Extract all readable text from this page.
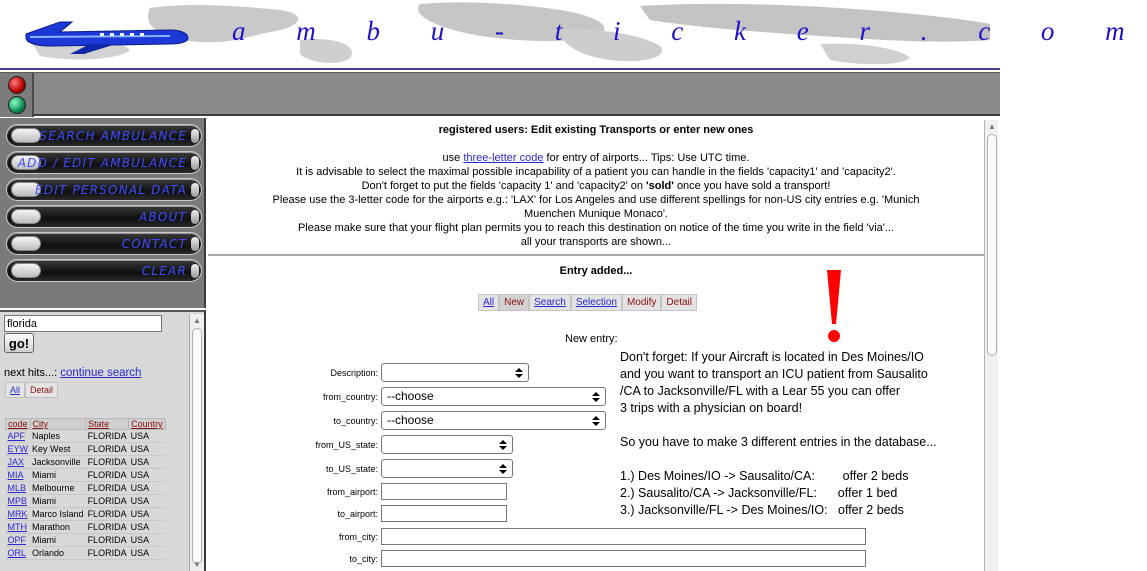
a m b u - t i c k e r . c o m
SEARCH AMBULANCE
ADD / EDIT AMBULANCE
EDIT PERSONAL DATA
ABOUT
CONTACT
CLEAR
florida
go!
next hits...: continue search
All	Detail
code	City	State	Country
APF	Naples	FLORIDA	USA
EYW	Key West	FLORIDA	USA
JAX	Jacksonville	FLORIDA	USA
MIA	Miami	FLORIDA	USA
MLB	Melbourne	FLORIDA	USA
MPB	Miami	FLORIDA	USA
MRK	Marco Island	FLORIDA	USA
MTH	Marathon	FLORIDA	USA
OPF	Miami	FLORIDA	USA
ORL	Orlando	FLORIDA	USA
▲
▼
registered users: Edit existing Transports or enter new ones
use three-letter code for entry of airports... Tips: Use UTC time.
It is advisable to select the maximal possible incapability of a patient you can handle in the fields 'capacity1' and 'capacity2'.
Don't forget to put the fields 'capacity 1' and 'capacity2' on 'sold' once you have sold a transport!
Please use the 3-letter code for the airports e.g.: 'LAX' for Los Angeles and use different spellings for non-US city entries e.g. 'Munich
Muenchen Munique Monaco'.
Please make sure that your flight plan permits you to reach this destination on notice of the time you write in the field 'via'...
all your transports are shown...
Entry added...
All	New	Search	Selection	Modify	Detail
New entry:
Description:
from_country: --choose
to_country: --choose
from_US_state:
to_US_state:
from_airport:
to_airport:
from_city:
to_city:
Don't forget: If your Aircraft is located in Des Moines/IO
and you want to transport an ICU patient from Sausalito
/CA to Jacksonville/FL with a Lear 55 you can offer
3 trips with a physician on board!
So you have to make 3 different entries in the database...
1.) Des Moines/IO -> Sausalito/CA:        offer 2 beds
2.) Sausalito/CA -> Jacksonville/FL:      offer 1 bed
3.) Jacksonville/FL -> Des Moines/IO:   offer 2 beds
▲
